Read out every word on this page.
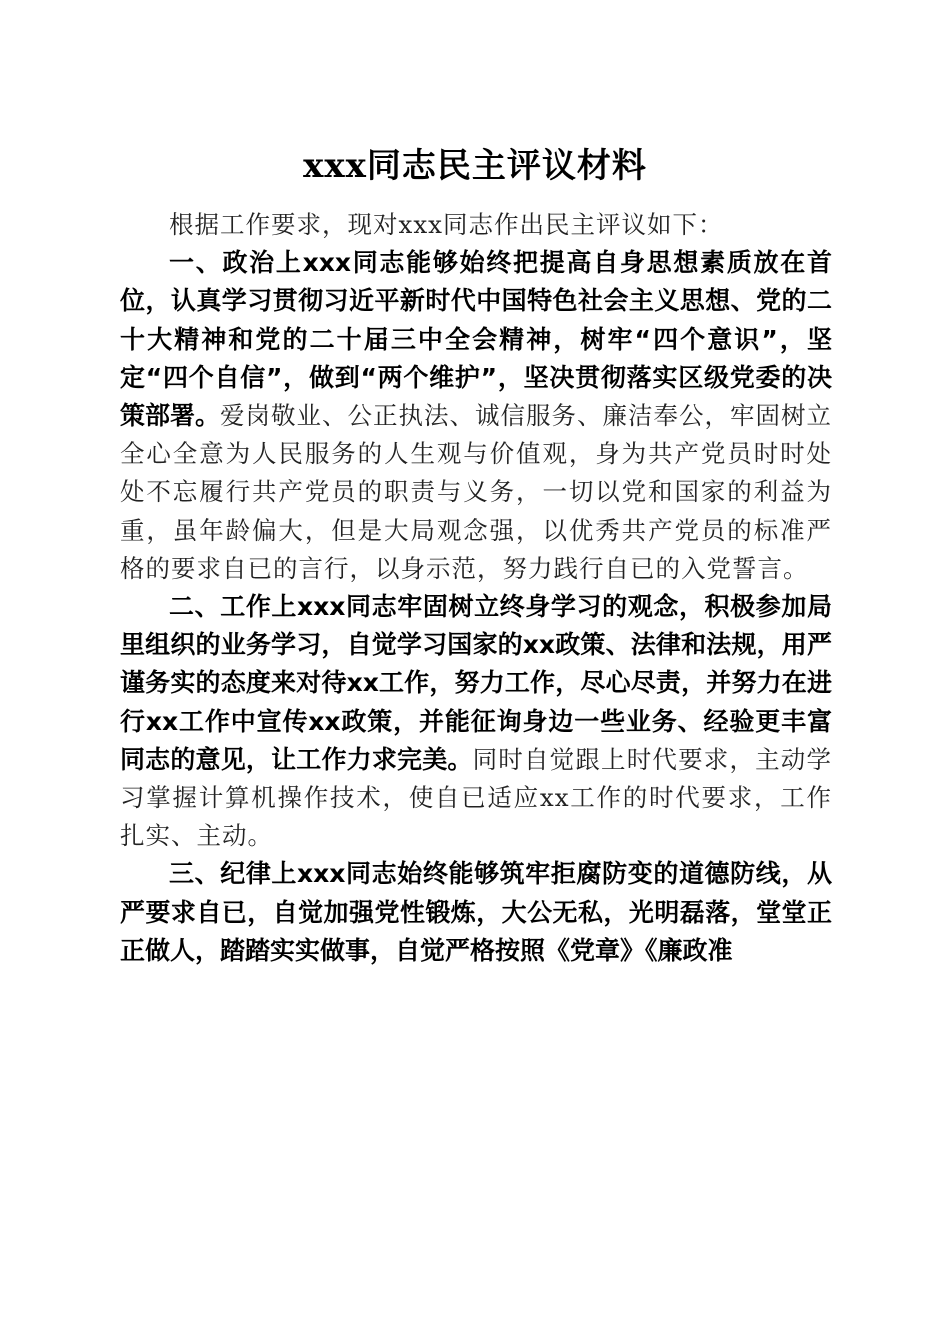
xxx同志民主评议材料

根据工作要求，现对xxx同志作出民主评议如下：

一、政治上xxx同志能够始终把提高自身思想素质放在首位，认真学习贯彻习近平新时代中国特色社会主义思想、党的二十大精神和党的二十届三中全会精神，树牢“四个意识”，坚定“四个自信”，做到“两个维护”，坚决贯彻落实区级党委的决策部署。爱岗敬业、公正执法、诚信服务、廉洁奉公，牢固树立全心全意为人民服务的人生观与价值观，身为共产党员时时处处不忘履行共产党员的职责与义务，一切以党和国家的利益为重，虽年龄偏大，但是大局观念强，以优秀共产党员的标准严格的要求自已的言行，以身示范，努力践行自已的入党誓言。

二、工作上xxx同志牢固树立终身学习的观念，积极参加局里组织的业务学习，自觉学习国家的xx政策、法律和法规，用严谨务实的态度来对待xx工作，努力工作，尽心尽责，并努力在进行xx工作中宣传xx政策，并能征询身边一些业务、经验更丰富同志的意见，让工作力求完美。同时自觉跟上时代要求，主动学习掌握计算机操作技术，使自已适应xx工作的时代要求，工作扎实、主动。

三、纪律上xxx同志始终能够筑牢拒腐防变的道德防线，从严要求自已，自觉加强党性锻炼，大公无私，光明磊落，堂堂正正做人，踏踏实实做事，自觉严格按照《党章》《廉政准
